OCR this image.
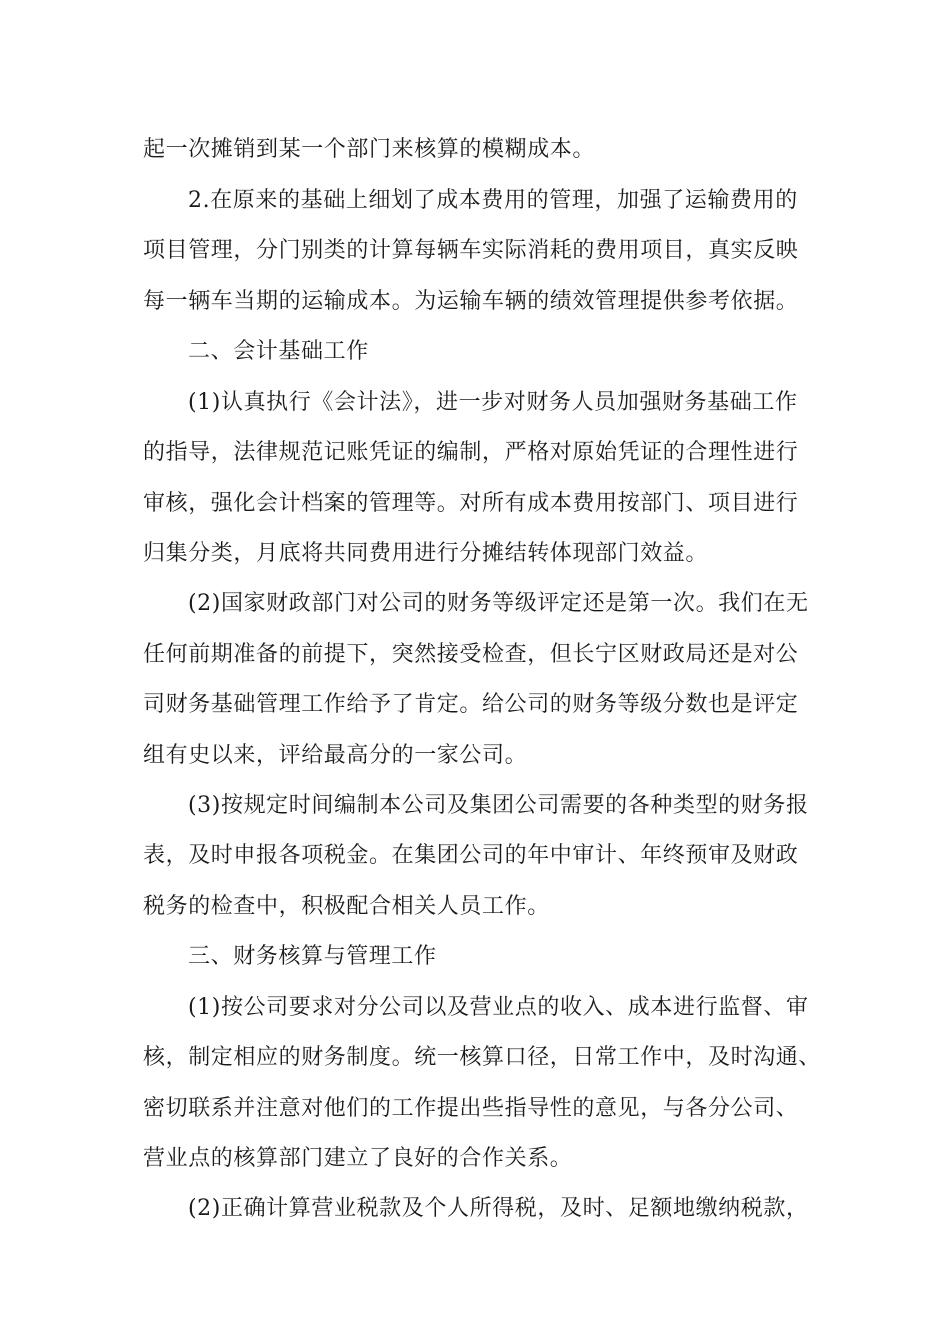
起一次摊销到某一个部门来核算的模糊成本。
2.在原来的基础上细划了成本费用的管理，加强了运输费用的
项目管理，分门别类的计算每辆车实际消耗的费用项目，真实反映
每一辆车当期的运输成本。为运输车辆的绩效管理提供参考依据。
二、会计基础工作
(1)认真执行《会计法》，进一步对财务人员加强财务基础工作
的指导，法律规范记账凭证的编制，严格对原始凭证的合理性进行
审核，强化会计档案的管理等。对所有成本费用按部门、项目进行
归集分类，月底将共同费用进行分摊结转体现部门效益。
(2)国家财政部门对公司的财务等级评定还是第一次。我们在无
任何前期准备的前提下，突然接受检查，但长宁区财政局还是对公
司财务基础管理工作给予了肯定。给公司的财务等级分数也是评定
组有史以来，评给最高分的一家公司。
(3)按规定时间编制本公司及集团公司需要的各种类型的财务报
表，及时申报各项税金。在集团公司的年中审计、年终预审及财政
税务的检查中，积极配合相关人员工作。
三、财务核算与管理工作
(1)按公司要求对分公司以及营业点的收入、成本进行监督、审
核，制定相应的财务制度。统一核算口径，日常工作中，及时沟通、
密切联系并注意对他们的工作提出些指导性的意见，与各分公司、
营业点的核算部门建立了良好的合作关系。
(2)正确计算营业税款及个人所得税，及时、足额地缴纳税款，
